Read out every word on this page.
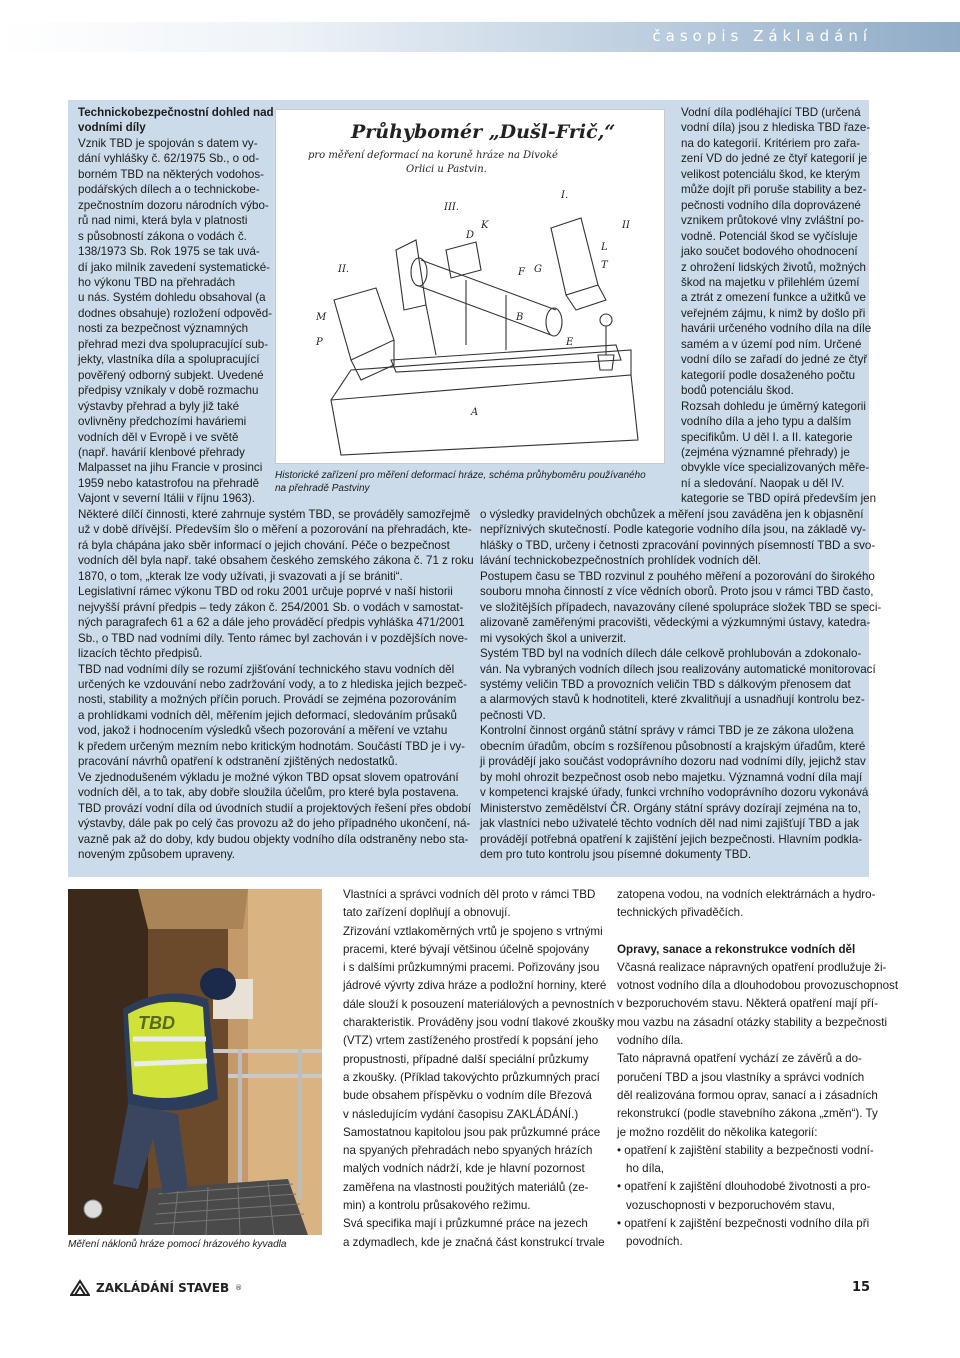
časopis Základání

Technickobezpečnostní dohled nad

vodními díly

Vznik TBD je spojován s datem vy-

dání vyhlášky č. 62/1975 Sb., o od-

borném TBD na některých vodohos-

podářských dílech a o technickobe-

zpečnostním dozoru národních výbo-

rů nad nimi, která byla v platnosti

s působností zákona o vodách č.

138/1973 Sb. Rok 1975 se tak uvá-

dí jako milník zavedení systematické-

ho výkonu TBD na přehradách

u nás. Systém dohledu obsahoval (a

dodnes obsahuje) rozložení odpověd-

nosti za bezpečnost významných

přehrad mezi dva spolupracující sub-

jekty, vlastníka díla a spolupracující

pověřený odborný subjekt. Uvedené

předpisy vznikaly v době rozmachu

výstavby přehrad a byly již také

ovlivněny předchozími haváriemi

vodních děl v Evropě i ve světě

(např. havárií klenbové přehrady

Malpasset na jihu Francie v prosinci

1959 nebo katastrofou na přehradě

Vajont v severní Itálii v říjnu 1963).

Průhybomér „Dušl-Frič,“
pro měření deformací na koruně hráze na Divoké
Orlici u Pastvin.
III.
I.
II.
II
D
K
F G
A
B
E
M
P
L
T
Historické zařízení pro měření deformací hráze, schéma průhyboměru používaného
na přehradě Pastviny

Některé dílčí činnosti, které zahrnuje systém TBD, se prováděly samozřejmě

už v době dřívější. Především šlo o měření a pozorování na přehradách, kte-

rá byla chápána jako sběr informací o jejich chování. Péče o bezpečnost

vodních děl byla např. také obsahem českého zemského zákona č. 71 z roku

1870, o tom, „kterak lze vody užívati, ji svazovati a jí se brániti“.

Legislativní rámec výkonu TBD od roku 2001 určuje poprvé v naší historii

nejvyšší právní předpis – tedy zákon č. 254/2001 Sb. o vodách v samostat-

ných paragrafech 61 a 62 a dále jeho prováděcí předpis vyhláška 471/2001

Sb., o TBD nad vodními díly. Tento rámec byl zachován i v pozdějších nove-

lizacích těchto předpisů.

TBD nad vodními díly se rozumí zjišťování technického stavu vodních děl

určených ke vzdouvání nebo zadržování vody, a to z hlediska jejich bezpeč-

nosti, stability a možných příčin poruch. Provádí se zejména pozorováním

a prohlídkami vodních děl, měřením jejich deformací, sledováním průsaků

vod, jakož i hodnocením výsledků všech pozorování a měření ve vztahu

k předem určeným mezním nebo kritickým hodnotám. Součástí TBD je i vy-

pracování návrhů opatření k odstranění zjištěných nedostatků.

Ve zjednodušeném výkladu je možné výkon TBD opsat slovem opatrování

vodních děl, a to tak, aby dobře sloužila účelům, pro které byla postavena.

TBD provází vodní díla od úvodních studií a projektových řešení přes období

výstavby, dále pak po celý čas provozu až do jeho případného ukončení, ná-

vazně pak až do doby, kdy budou objekty vodního díla odstraněny nebo sta-

noveným způsobem upraveny.

Vodní díla podléhající TBD (určená

vodní díla) jsou z hlediska TBD řaze-

na do kategorií. Kritériem pro zařa-

zení VD do jedné ze čtyř kategorií je

velikost potenciálu škod, ke kterým

může dojít při poruše stability a bez-

pečnosti vodního díla doprovázené

vznikem průtokové vlny zvláštní po-

vodně. Potenciál škod se vyčísluje

jako součet bodového ohodnocení

z ohrožení lidských životů, možných

škod na majetku v přilehlém území

a ztrát z omezení funkce a užitků ve

veřejném zájmu, k nimž by došlo při

havárii určeného vodního díla na díle

samém a v území pod ním. Určené

vodní dílo se zařadí do jedné ze čtyř

kategorií podle dosaženého počtu

bodů potenciálu škod.

Rozsah dohledu je úměrný kategorii

vodního díla a jeho typu a dalším

specifikům. U děl I. a II. kategorie

(zejména významné přehrady) je

obvykle více specializovaných měře-

ní a sledování. Naopak u děl IV.

kategorie se TBD opírá především jen

o výsledky pravidelných obchůzek a měření jsou zaváděna jen k objasnění

nepříznivých skutečností. Podle kategorie vodního díla jsou, na základě vy-

hlášky o TBD, určeny i četnosti zpracování povinných písemností TBD a svo-

lávání technickobezpečnostních prohlídek vodních děl.

Postupem času se TBD rozvinul z pouhého měření a pozorování do širokého

souboru mnoha činností z více vědních oborů. Proto jsou v rámci TBD často,

ve složitějších případech, navazovány cílené spolupráce složek TBD se speci-

alizovaně zaměřenými pracovišti, vědeckými a výzkumnými ústavy, katedra-

mi vysokých škol a univerzit.

Systém TBD byl na vodních dílech dále celkově prohlubován a zdokonalo-

ván. Na vybraných vodních dílech jsou realizovány automatické monitorovací

systémy veličin TBD a provozních veličin TBD s dálkovým přenosem dat

a alarmových stavů k hodnotiteli, které zkvalitňují a usnadňují kontrolu bez-

pečnosti VD.

Kontrolní činnost orgánů státní správy v rámci TBD je ze zákona uložena

obecním úřadům, obcím s rozšířenou působností a krajským úřadům, které

ji provádějí jako součást vodoprávního dozoru nad vodními díly, jejichž stav

by mohl ohrozit bezpečnost osob nebo majetku. Významná vodní díla mají

v kompetenci krajské úřady, funkci vrchního vodoprávního dozoru vykonává

Ministerstvo zemědělství ČR. Orgány státní správy dozírají zejména na to,

jak vlastníci nebo uživatelé těchto vodních děl nad nimi zajišťují TBD a jak

provádějí potřebná opatření k zajištění jejich bezpečnosti. Hlavním podkla-

dem pro tuto kontrolu jsou písemné dokumenty TBD.

TBD
Měření náklonů hráze pomocí hrázového kyvadla

Vlastníci a správci vodních děl proto v rámci TBD

tato zařízení doplňují a obnovují.

Zřizování vztlakoměrných vrtů je spojeno s vrtnými

pracemi, které bývají většinou účelně spojovány

i s dalšími průzkumnými pracemi. Pořizovány jsou

jádrové vývrty zdiva hráze a podložní horniny, které

dále slouží k posouzení materiálových a pevnostních

charakteristik. Prováděny jsou vodní tlakové zkoušky

(VTZ) vrtem zastíženého prostředí k popsání jeho

propustnosti, případné další speciální průzkumy

a zkoušky. (Příklad takovýchto průzkumných prací

bude obsahem příspěvku o vodním díle Březová

v následujícím vydání časopisu ZAKLÁDÁNÍ.)

Samostatnou kapitolou jsou pak průzkumné práce

na spyaných přehradách nebo spyaných hrázích

malých vodních nádrží, kde je hlavní pozornost

zaměřena na vlastnosti použitých materiálů (ze-

min) a kontrolu průsakového režimu.

Svá specifika mají i průzkumné práce na jezech

a zdymadlech, kde je značná část konstrukcí trvale

zatopena vodou, na vodních elektrárnách a hydro-

technických přivaděčích.

Opravy, sanace a rekonstrukce vodních děl

Včasná realizace nápravných opatření prodlužuje ži-

votnost vodního díla a dlouhodobou provozuschopnost

v bezporuchovém stavu. Některá opatření mají pří-

mou vazbu na zásadní otázky stability a bezpečnosti

vodního díla.

Tato nápravná opatření vychází ze závěrů a do-

poručení TBD a jsou vlastníky a správci vodních

děl realizována formou oprav, sanací a i zásadních

rekonstrukcí (podle stavebního zákona „změn“). Ty

je možno rozdělit do několika kategorií:

• opatření k zajištění stability a bezpečnosti vodní-

ho díla,

• opatření k zajištění dlouhodobé životnosti a pro-

vozuschopnosti v bezporuchovém stavu,

• opatření k zajištění bezpečnosti vodního díla při

povodních.

ZAKLÁDÁNÍ STAVEB ®	15
